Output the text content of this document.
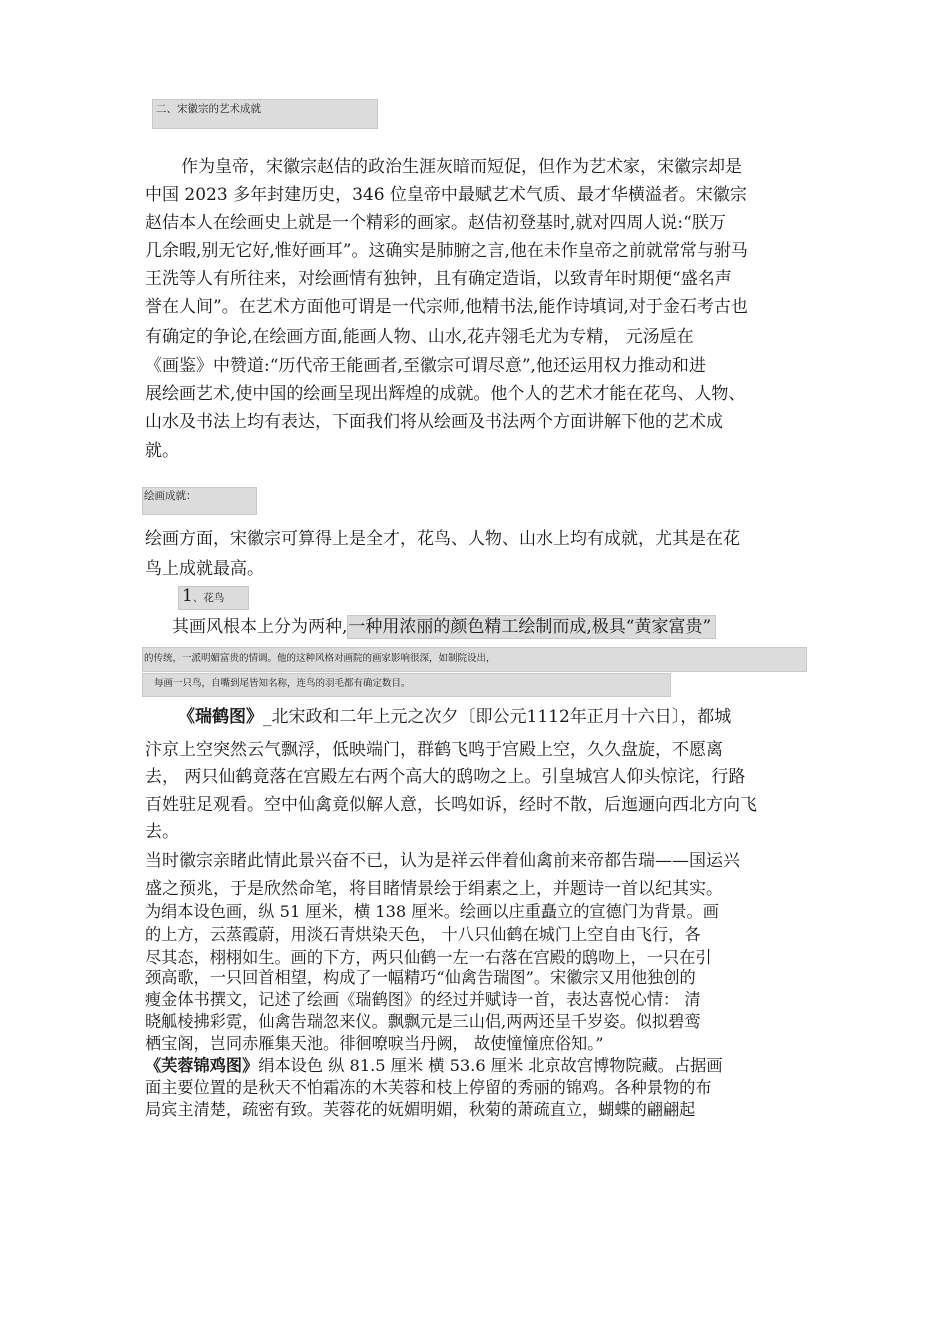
二、宋徽宗的艺术成就
作为皇帝，宋徽宗赵佶的政治生涯灰暗而短促，但作为艺术家，宋徽宗却是
中国 2023 多年封建历史，346 位皇帝中最赋艺术气质、最才华横溢者。宋徽宗
赵佶本人在绘画史上就是一个精彩的画家。赵佶初登基时,就对四周人说:“朕万
几余暇,别无它好,惟好画耳”。这确实是肺腑之言,他在未作皇帝之前就常常与驸马
王洗等人有所往来，对绘画情有独钟，且有确定造诣，以致青年时期便“盛名声
誉在人间”。在艺术方面他可谓是一代宗师,他精书法,能作诗填词,对于金石考古也
有确定的争论,在绘画方面,能画人物、山水,花卉翎毛尤为专精， 元汤垕在
《画鉴》中赞道:“历代帝王能画者,至徽宗可谓尽意”,他还运用权力推动和进
展绘画艺术,使中国的绘画呈现出辉煌的成就。他个人的艺术才能在花鸟、人物、
山水及书法上均有表达，下面我们将从绘画及书法两个方面讲解下他的艺术成
就。
绘画成就：
绘画方面，宋徽宗可算得上是全才，花鸟、人物、山水上均有成就，尤其是在花
鸟上成就最高。
1、花鸟
其画风根本上分为两种,一种用浓丽的颜色精工绘制而成,极具“黄家富贵”
的传统，一派明媚富贵的情调。他的这种风格对画院的画家影响很深，如制院设出，
每画一只鸟，自嘴到尾皆知名称，连鸟的羽毛都有确定数目。
《瑞鹤图》_北宋政和二年上元之次夕〔即公元1112年正月十六日〕，都城
汴京上空突然云气飘浮，低映端门，群鹤飞鸣于宫殿上空，久久盘旋，不愿离
去， 两只仙鹤竟落在宫殿左右两个高大的鸱吻之上。引皇城宫人仰头惊诧，行路
百姓驻足观看。空中仙禽竟似解人意，长鸣如诉，经时不散，后迤逦向西北方向飞
去。
当时徽宗亲睹此情此景兴奋不已，认为是祥云伴着仙禽前来帝都告瑞——国运兴
盛之预兆，于是欣然命笔，将目睹情景绘于绢素之上，并题诗一首以纪其实。
为绢本设色画，纵 51 厘米，横 138 厘米。绘画以庄重矗立的宣德门为背景。画
的上方，云蒸霞蔚，用淡石青烘染天色， 十八只仙鹤在城门上空自由飞行，各
尽其态，栩栩如生。画的下方，两只仙鹤一左一右落在宫殿的鸱吻上，一只在引
颈高歌，一只回首相望，构成了一幅精巧“仙禽告瑞图”。宋徽宗又用他独创的
瘦金体书撰文，记述了绘画《瑞鹤图》的经过并赋诗一首，表达喜悦心情： 清
晓觚棱拂彩霓，仙禽告瑞忽来仪。飘飘元是三山侣,两两还呈千岁姿。似拟碧鸾
栖宝阁，岂同赤雁集天池。徘徊嘹唳当丹阙， 故使憧憧庶俗知。”
《芙蓉锦鸡图》绢本设色 纵 81.5 厘米 横 53.6 厘米 北京故宫博物院藏。占据画
面主要位置的是秋天不怕霜冻的木芙蓉和枝上停留的秀丽的锦鸡。各种景物的布
局宾主清楚，疏密有致。芙蓉花的妩媚明媚，秋菊的萧疏直立，蝴蝶的翩翩起
